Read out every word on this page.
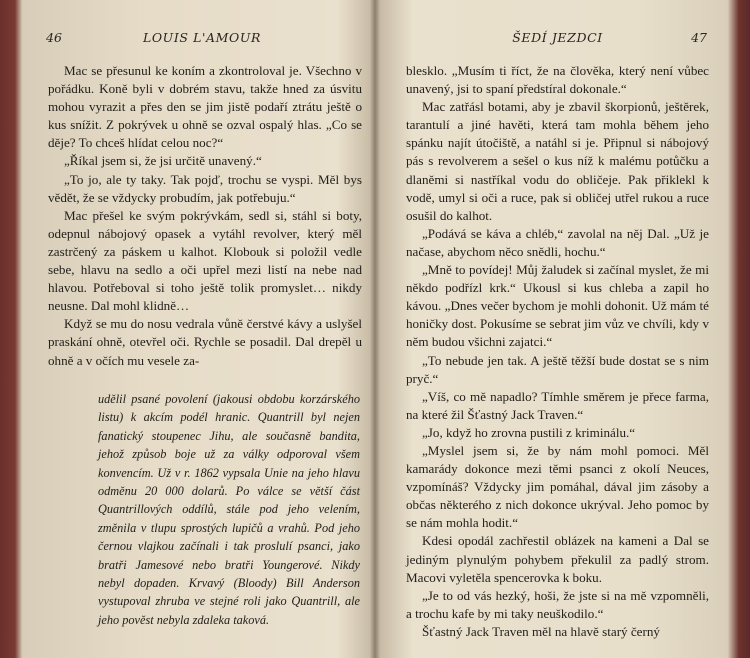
46	LOUIS L'AMOUR

Mac se přesunul ke koním a zkontroloval je. Všechno v pořádku. Koně byli v dobrém stavu, takže hned za úsvitu mohou vyrazit a přes den se jim jistě podaří ztrátu ještě o kus snížit. Z pokrývek u ohně se ozval ospalý hlas. „Co se děje? To chceš hlídat celou noc?“

„Říkal jsem si, že jsi určitě unavený.“

„To jo, ale ty taky. Tak pojď, trochu se vyspi. Měl bys vědět, že se vždycky probudím, jak potřebuju.“

Mac přešel ke svým pokrývkám, sedl si, stáhl si boty, odepnul nábojový opasek a vytáhl revolver, který měl zastrčený za páskem u kalhot. Klobouk si položil vedle sebe, hlavu na sedlo a oči upřel mezi listí na nebe nad hlavou. Potřeboval si toho ještě tolik promyslet… nikdy neusne. Dal mohl klidně…

Když se mu do nosu vedrala vůně čerstvé kávy a uslyšel praskání ohně, otevřel oči. Rychle se posadil. Dal drepěl u ohně a v očích mu vesele za-

udělil psané povolení (jakousi obdobu korzárského listu) k akcím podél hranic. Quantrill byl nejen fanatický stoupenec Jihu, ale současně bandita, jehož způsob boje už za války odporoval všem konvencím. Už v r. 1862 vypsala Unie na jeho hlavu odměnu 20 000 dolarů. Po válce se větší část Quantrillových oddílů, stále pod jeho velením, změnila v tlupu sprostých lupičů a vrahů. Pod jeho černou vlajkou začínali i tak proslulí psanci, jako bratři Jamesové nebo bratři Youngerové. Nikdy nebyl dopaden. Krvavý (Bloody) Bill Anderson vystupoval zhruba ve stejné roli jako Quantrill, ale jeho pověst nebyla zdaleka taková.

ŠEDÍ JEZDCI	47

blesklo. „Musím ti říct, že na člověka, který není vůbec unavený, jsi to spaní předstíral dokonale.“

Mac zatřásl botami, aby je zbavil škorpionů, ještěrek, tarantulí a jiné havěti, která tam mohla během jeho spánku najít útočiště, a natáhl si je. Připnul si nábojový pás s revolverem a sešel o kus níž k malému potůčku a dlaněmi si nastříkal vodu do obličeje. Pak přiklekl k vodě, umyl si oči a ruce, pak si obličej utřel rukou a ruce osušil do kalhot.

„Podává se káva a chléb,“ zavolal na něj Dal. „Už je načase, abychom něco snědli, hochu.“

„Mně to povídej! Můj žaludek si začínal myslet, že mi někdo podřízl krk.“ Ukousl si kus chleba a zapil ho kávou. „Dnes večer bychom je mohli dohonit. Už mám té honičky dost. Pokusíme se sebrat jim vůz ve chvíli, kdy v něm budou všichni zajatci.“

„To nebude jen tak. A ještě těžší bude dostat se s nim pryč.“

„Víš, co mě napadlo? Tímhle směrem je přece farma, na které žil Šťastný Jack Traven.“

„Jo, když ho zrovna pustili z kriminálu.“

„Myslel jsem si, že by nám mohl pomoci. Měl kamarády dokonce mezi těmi psanci z okolí Neuces, vzpomínáš? Vždycky jim pomáhal, dával jim zásoby a občas některého z nich dokonce ukrýval. Jeho pomoc by se nám mohla hodit.“

Kdesi opodál zachřestil oblázek na kameni a Dal se jediným plynulým pohybem překulil za padlý strom. Macovi vyletěla spencerovka k boku.

„Je to od vás hezký, hoši, že jste si na mě vzpomněli, a trochu kafe by mi taky neuškodilo.“

Šťastný Jack Traven měl na hlavě starý černý
